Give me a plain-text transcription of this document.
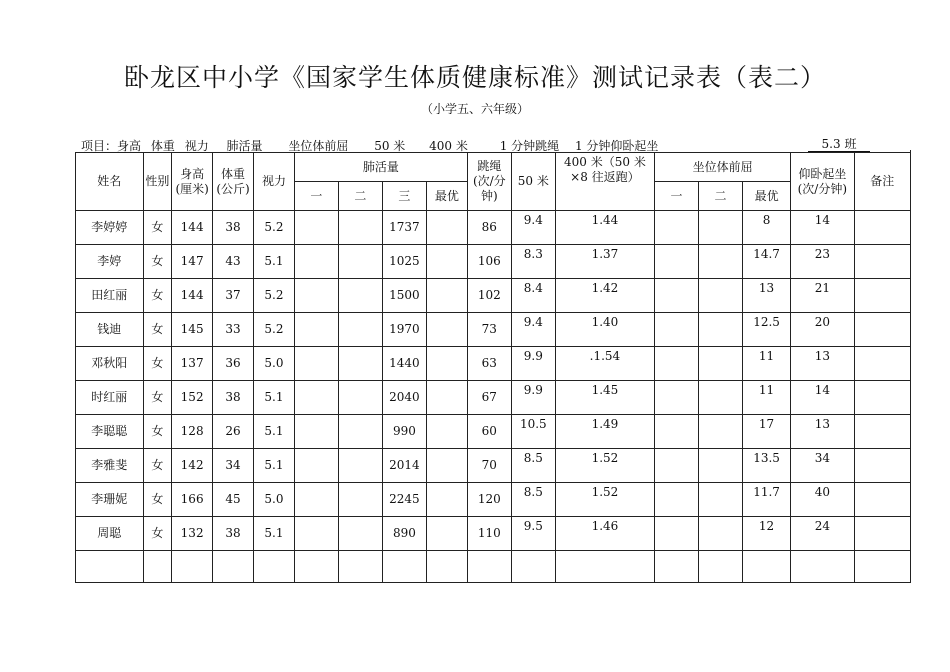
卧龙区中小学《国家学生体质健康标准》测试记录表（表二）
（小学五、六年级）
项目：身高 体重 视力 肺活量 坐位体前屈 50 米 400 米	1 分钟跳绳 1 分钟仰卧起坐	5.3 班
姓名	性别	身高(厘米)	体重(公斤)	视力	肺活量				跳绳(次/分钟)	50 米	400 米（50 米×8 往返跑）	坐位体前屈			仰卧起坐(次/分钟)	备注
					一	二	三	最优				一	二	最优		
李婷婷	女	144	38	5.2			1737		86	9.4	1.44			8	14	
李婷	女	147	43	5.1			1025		106	8.3	1.37			14.7	23	
田红丽	女	144	37	5.2			1500		102	8.4	1.42			13	21	
钱迪	女	145	33	5.2			1970		73	9.4	1.40			12.5	20	
邓秋阳	女	137	36	5.0			1440		63	9.9	.1.54			11	13	
时红丽	女	152	38	5.1			2040		67	9.9	1.45			11	14	
李聪聪	女	128	26	5.1			990		60	10.5	1.49			17	13	
李雅斐	女	142	34	5.1			2014		70	8.5	1.52			13.5	34	
李珊妮	女	166	45	5.0			2245		120	8.5	1.52			11.7	40	
周聪	女	132	38	5.1			890		110	9.5	1.46			12	24	
